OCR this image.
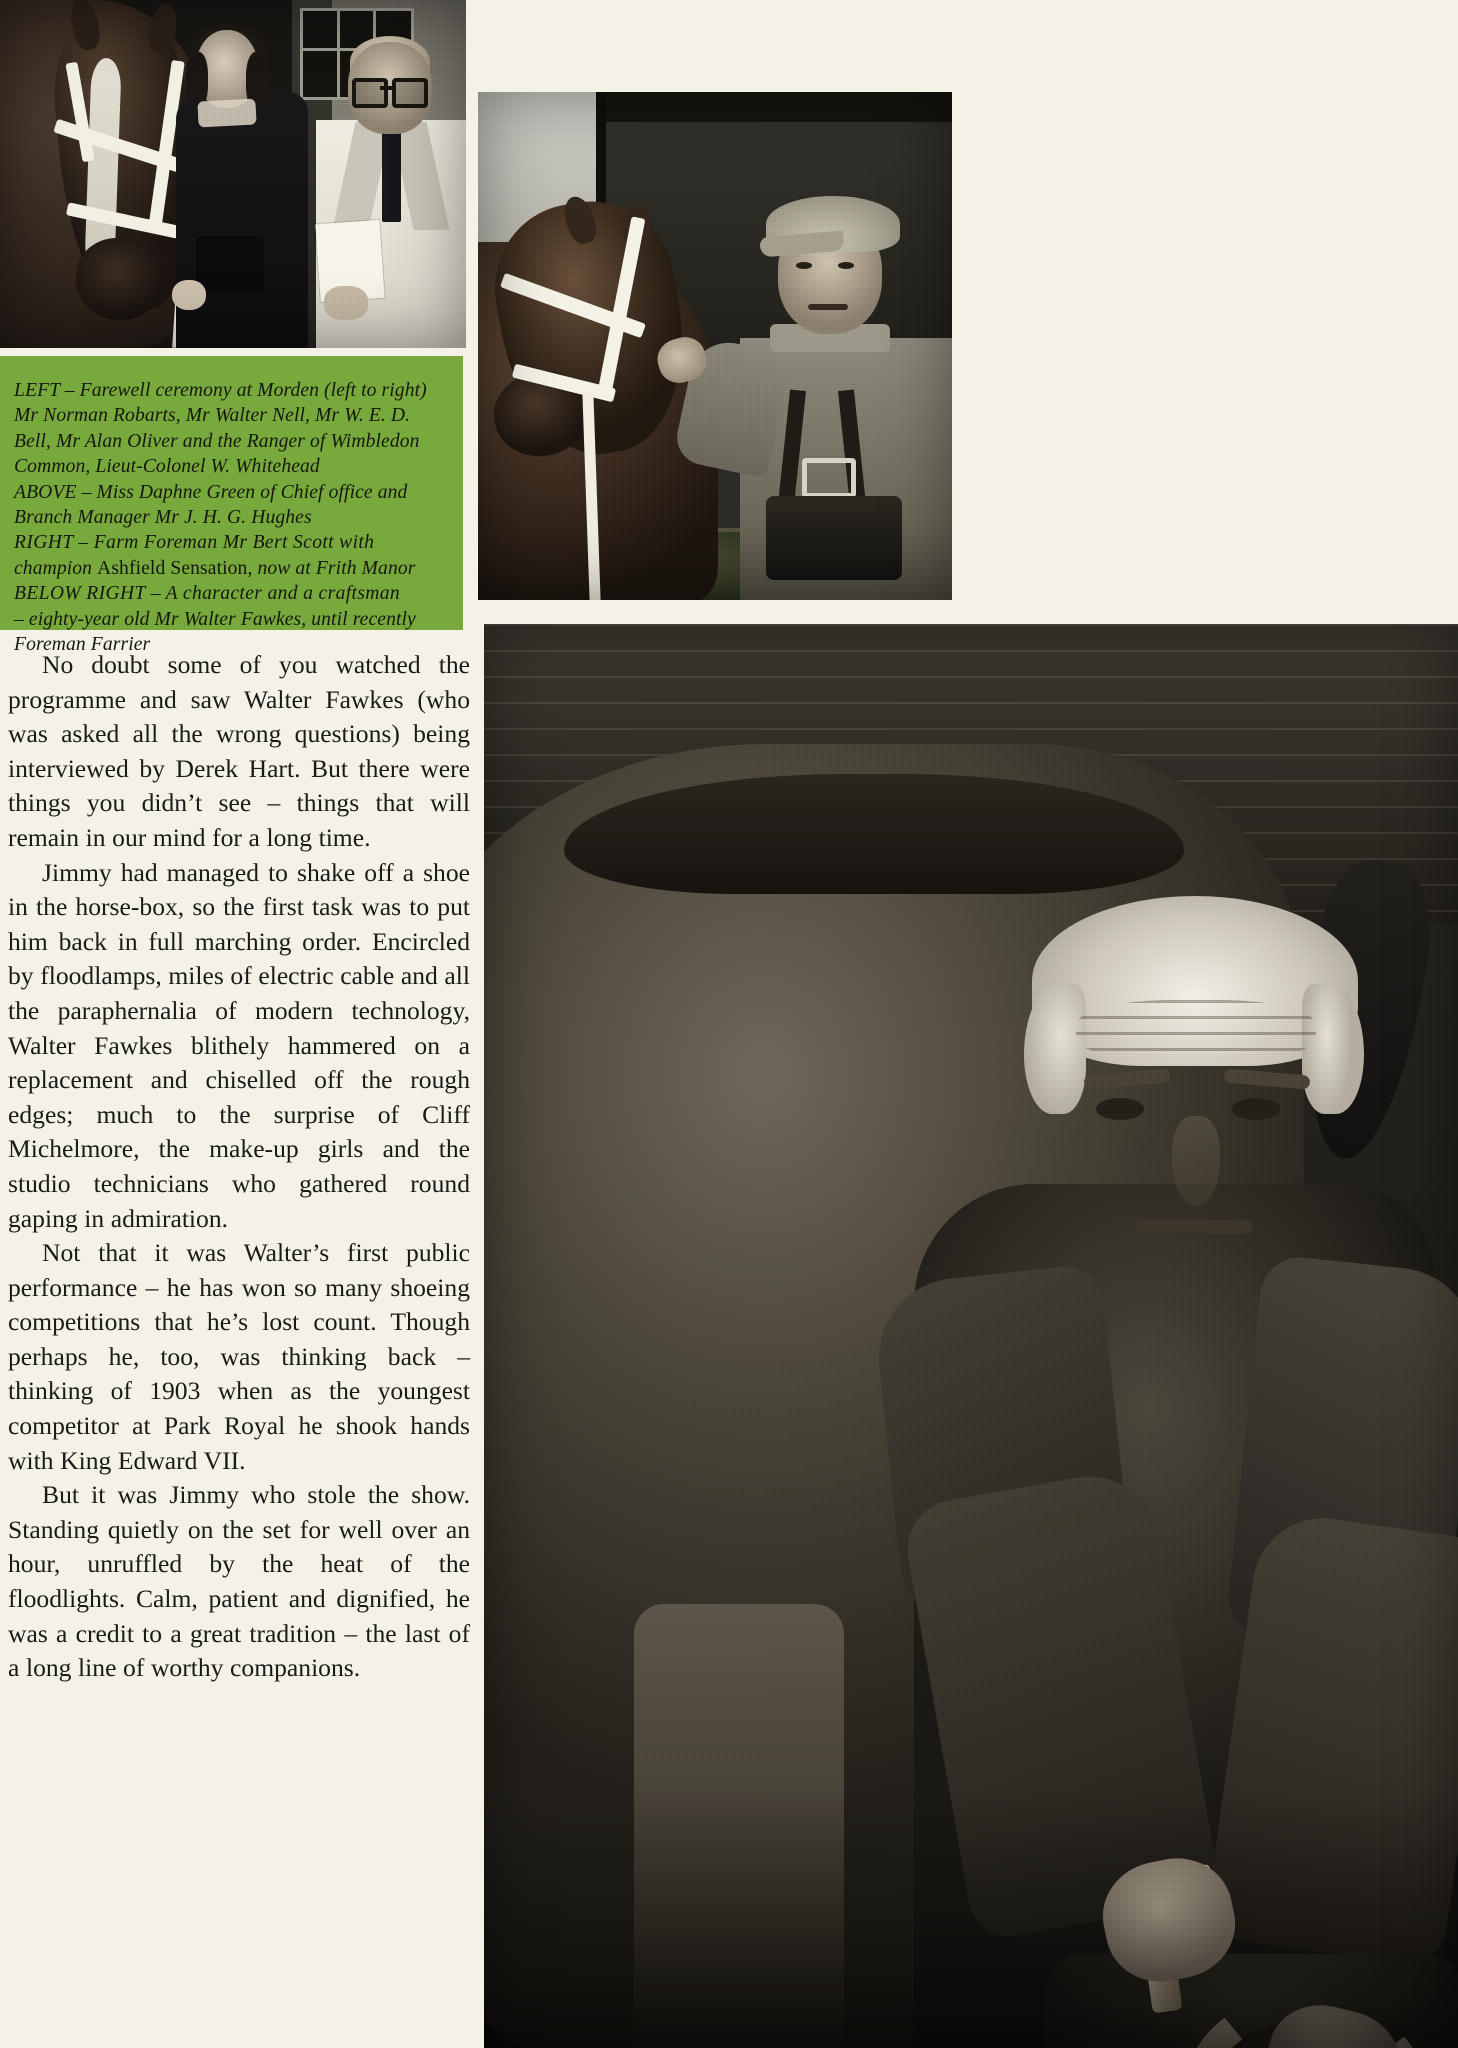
LEFT – Farewell ceremony at Morden (left to right)
Mr Norman Robarts, Mr Walter Nell, Mr W. E. D.
Bell, Mr Alan Oliver and the Ranger of Wimbledon
Common, Lieut-Colonel W. Whitehead
ABOVE – Miss Daphne Green of Chief office and
Branch Manager Mr J. H. G. Hughes
RIGHT – Farm Foreman Mr Bert Scott with
champion Ashfield Sensation, now at Frith Manor
BELOW RIGHT – A character and a craftsman
– eighty-year old Mr Walter Fawkes, until recently
Foreman Farrier

No doubt some of you watched the programme and saw Walter Fawkes (who was asked all the wrong questions) being interviewed by Derek Hart. But there were things you didn’t see – things that will remain in our mind for a long time.

Jimmy had managed to shake off a shoe in the horse-box, so the first task was to put him back in full marching order. Encircled by floodlamps, miles of electric cable and all the paraphernalia of modern technology, Walter Fawkes blithely hammered on a replacement and chiselled off the rough edges; much to the surprise of Cliff Michelmore, the make-up girls and the studio technicians who gathered round gaping in admiration.

Not that it was Walter’s first public performance – he has won so many shoeing competitions that he’s lost count. Though perhaps he, too, was thinking back – thinking of 1903 when as the youngest competitor at Park Royal he shook hands with King Edward VII.

But it was Jimmy who stole the show. Standing quietly on the set for well over an hour, unruffled by the heat of the floodlights. Calm, patient and dignified, he was a credit to a great tradition – the last of a long line of worthy companions.
